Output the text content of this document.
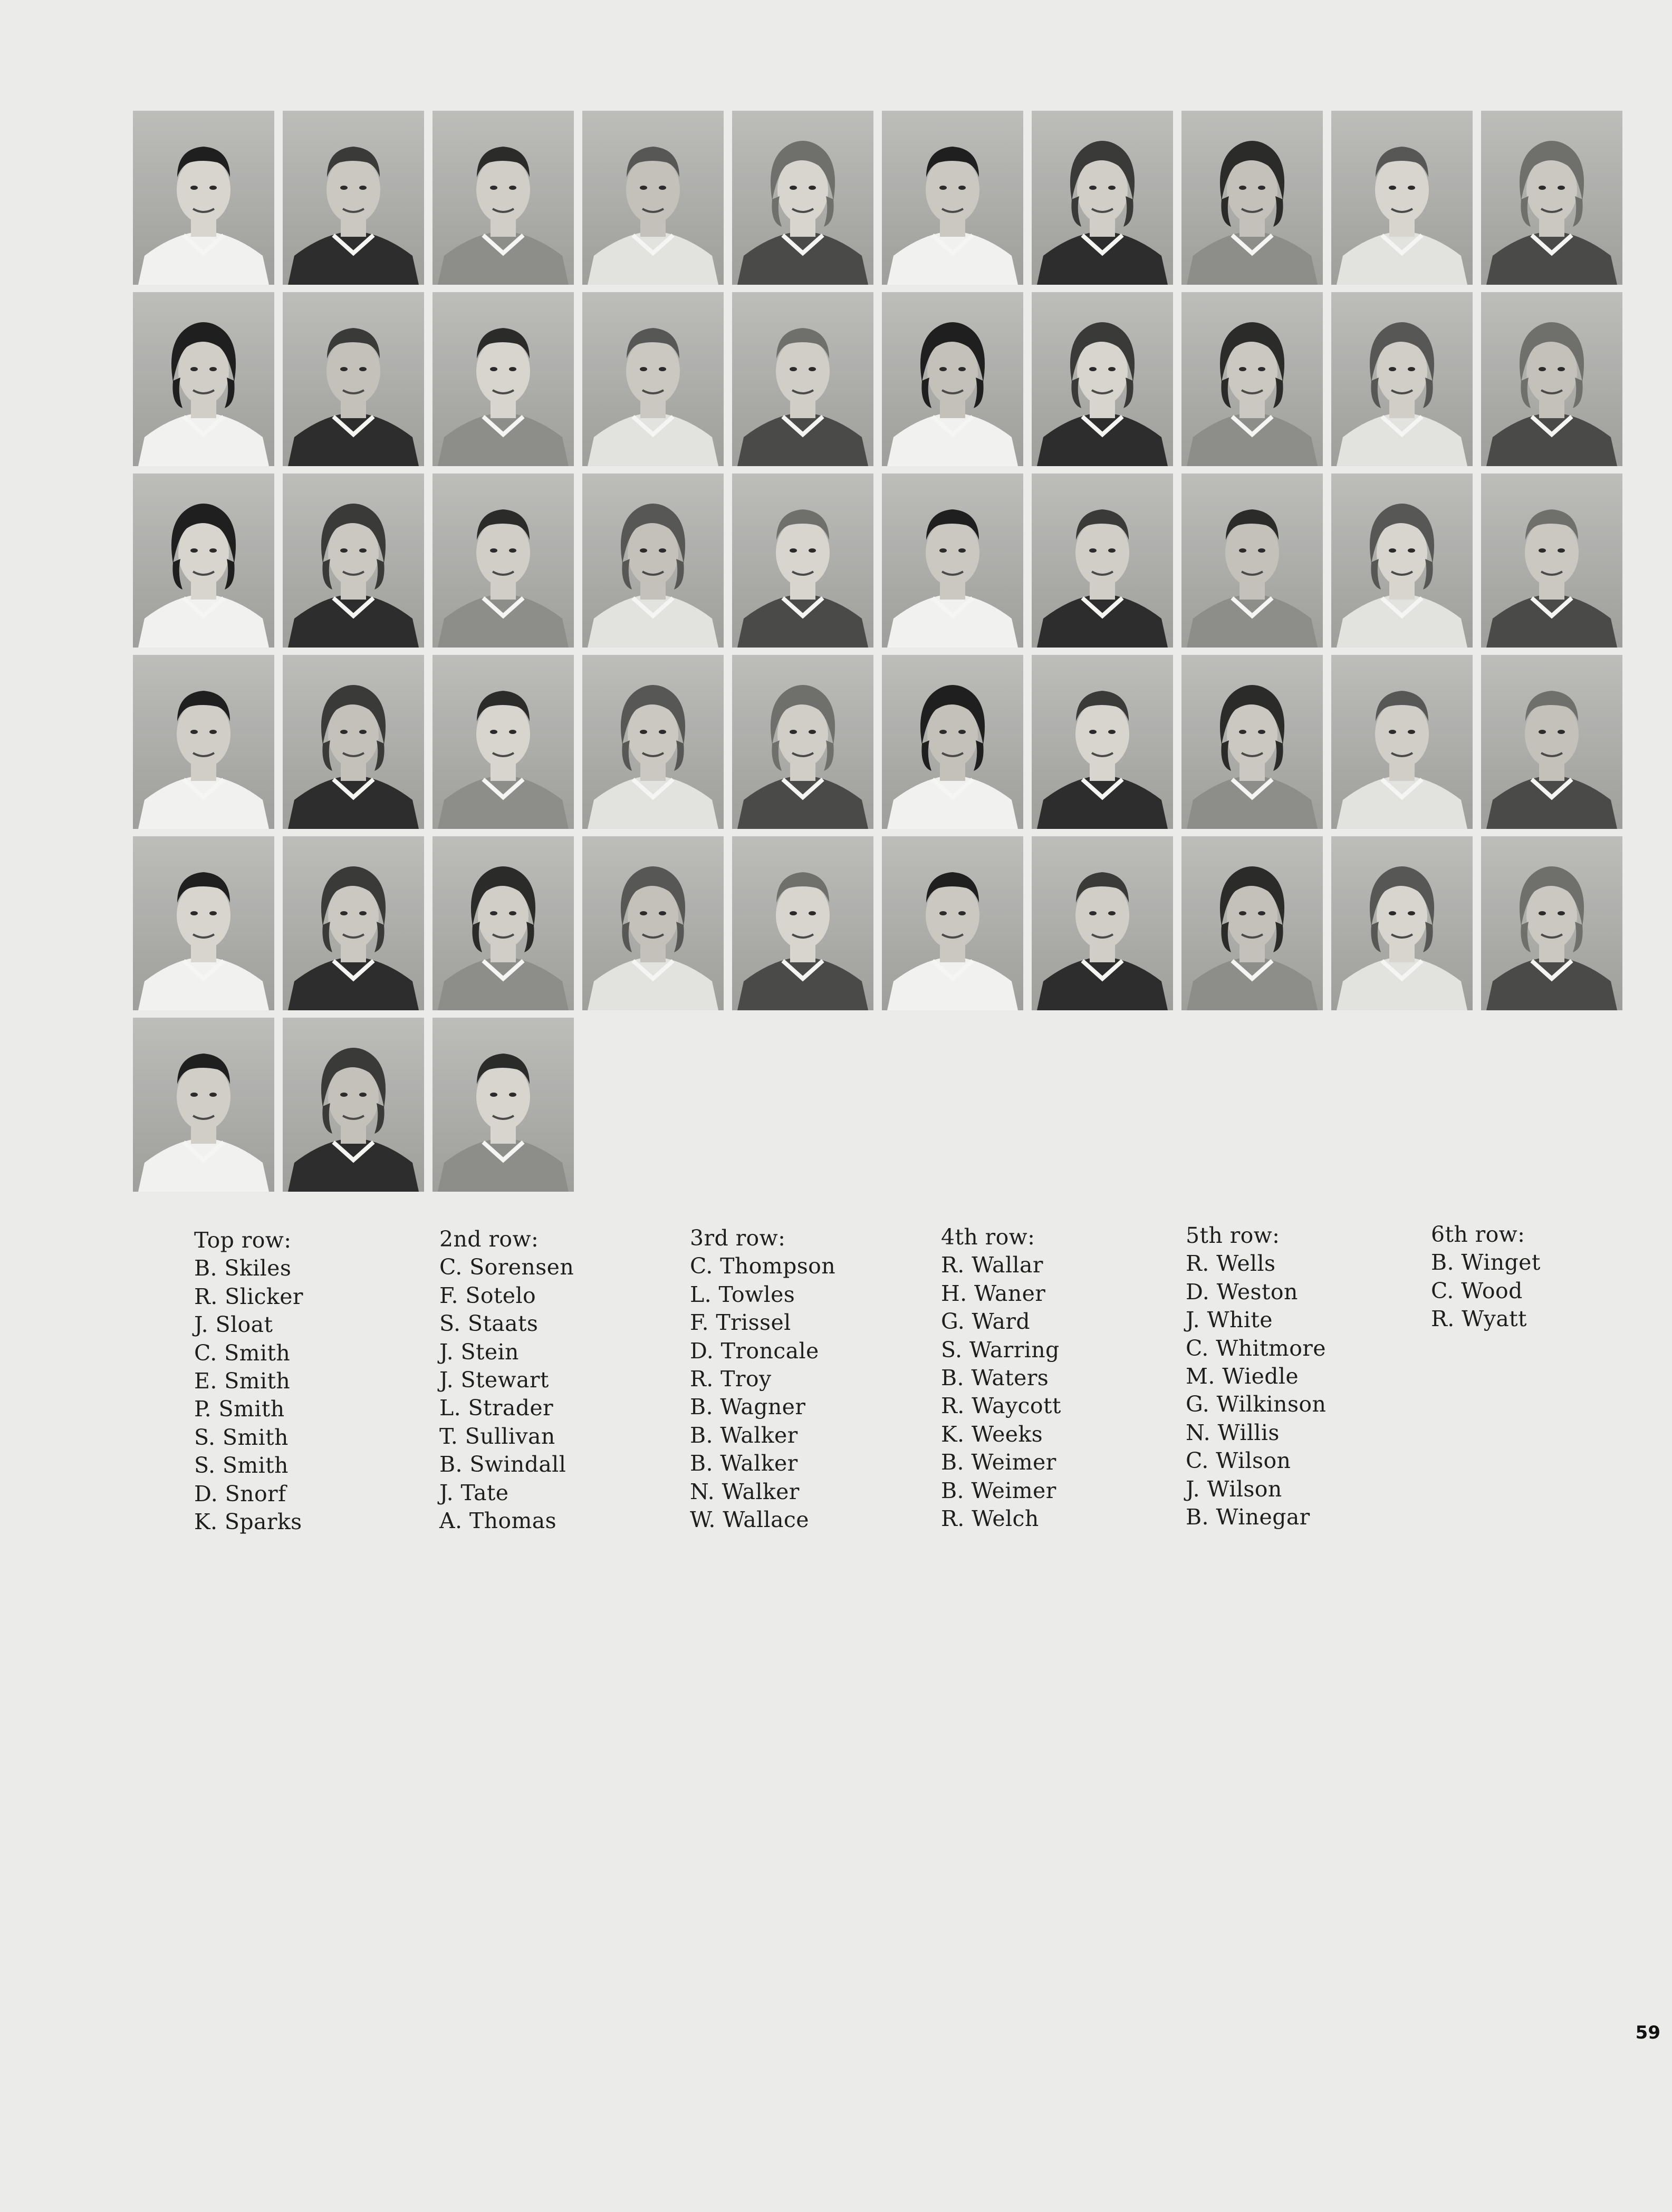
Top row:
B. Skiles
R. Slicker
J. Sloat
C. Smith
E. Smith
P. Smith
S. Smith
S. Smith
D. Snorf
K. Sparks
2nd row:
C. Sorensen
F. Sotelo
S. Staats
J. Stein
J. Stewart
L. Strader
T. Sullivan
B. Swindall
J. Tate
A. Thomas
3rd row:
C. Thompson
L. Towles
F. Trissel
D. Troncale
R. Troy
B. Wagner
B. Walker
B. Walker
N. Walker
W. Wallace
4th row:
R. Wallar
H. Waner
G. Ward
S. Warring
B. Waters
R. Waycott
K. Weeks
B. Weimer
B. Weimer
R. Welch
5th row:
R. Wells
D. Weston
J. White
C. Whitmore
M. Wiedle
G. Wilkinson
N. Willis
C. Wilson
J. Wilson
B. Winegar
6th row:
B. Winget
C. Wood
R. Wyatt
59
